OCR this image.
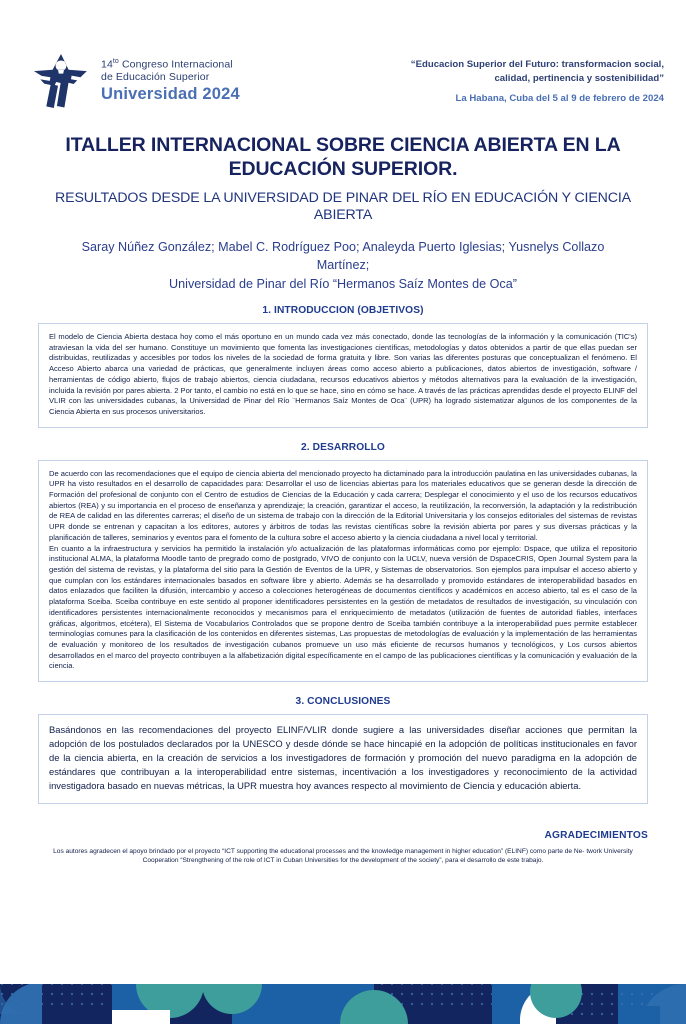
$14^{to}$ Congreso Internacional
de Educación Superior
Universidad 2024
“Educacion Superior del Futuro: transformacion social, calidad, pertinencia y sostenibilidad”
La Habana, Cuba del 5 al 9 de febrero de 2024
ITALLER INTERNACIONAL SOBRE CIENCIA ABIERTA EN LA EDUCACIÓN SUPERIOR.
RESULTADOS DESDE LA UNIVERSIDAD DE PINAR DEL RÍO EN EDUCACIÓN Y CIENCIA ABIERTA
Saray Núñez González; Mabel C. Rodríguez Poo; Analeyda Puerto Iglesias; Yusnelys Collazo Martínez;
Universidad de Pinar del Río “Hermanos Saíz Montes de Oca”
1. INTRODUCCION (OBJETIVOS)

El modelo de Ciencia Abierta destaca hoy como el más oportuno en un mundo cada vez más conectado, donde las tecnologías de la información y la comunicación (TIC's) atraviesan la vida del ser humano. Constituye un movimiento que fomenta las investigaciones científicas, metodologías y datos obtenidos a partir de que ellas puedan ser distribuidas, reutilizadas y accesibles por todos los niveles de la sociedad de forma gratuita y libre. Son varias las diferentes posturas que conceptualizan el fenómeno. El Acceso Abierto abarca una variedad de prácticas, que generalmente incluyen áreas como acceso abierto a publicaciones, datos abiertos de investigación, software / herramientas de código abierto, flujos de trabajo abiertos, ciencia ciudadana, recursos educativos abiertos y métodos alternativos para la evaluación de la investigación, incluida la revisión por pares abierta. 2 Por tanto, el cambio no está en lo que se hace, sino en cómo se hace. A través de las prácticas aprendidas desde el proyecto ELINF del VLIR con las universidades cubanas, la Universidad de Pinar del Río ¨Hermanos Saíz Montes de Oca¨ (UPR) ha logrado sistematizar algunos de los componentes de la Ciencia Abierta en sus procesos universitarios.

2. DESARROLLO

De acuerdo con las recomendaciones que el equipo de ciencia abierta del mencionado proyecto ha dictaminado para la introducción paulatina en las universidades cubanas, la UPR ha visto resultados en el desarrollo de capacidades para: Desarrollar el uso de licencias abiertas para los materiales educativos que se generan desde la dirección de Formación del profesional de conjunto con el Centro de estudios de Ciencias de la Educación y cada carrera; Desplegar el conocimiento y el uso de los recursos educativos abiertos (REA) y su importancia en el proceso de enseñanza y aprendizaje; la creación, garantizar el acceso, la reutilización, la reconversión, la adaptación y la redistribución de REA de calidad en las diferentes carreras; el diseño de un sistema de trabajo con la dirección de la Editorial Universitaria y los consejos editoriales del sistemas de revistas UPR donde se entrenan y capacitan a los editores, autores y árbitros de todas las revistas científicas sobre la revisión abierta por pares y sus diversas prácticas y la planificación de talleres, seminarios y eventos para el fomento de la cultura sobre el acceso abierto y la ciencia ciudadana a nivel local y territorial.

En cuanto a la infraestructura y servicios ha permitido la instalación y/o actualización de las plataformas informáticas como por ejemplo: Dspace, que utiliza el repositorio institucional ALMA, la plataforma Moodle tanto de pregrado como de postgrado, VIVO de conjunto con la UCLV, nueva versión de DspaceCRIS, Open Journal System para la gestión del sistema de revistas, y la plataforma del sitio para la Gestión de Eventos de la UPR, y Sistemas de observatorios. Son ejemplos para impulsar el acceso abierto y que cumplan con los estándares internacionales basados en software libre y abierto. Además se ha desarrollado y promovido estándares de interoperabilidad basados en datos enlazados que faciliten la difusión, intercambio y acceso a colecciones heterogéneas de documentos científicos y académicos en acceso abierto, tal es el caso de la plataforma Sceiba. Sceiba contribuye en este sentido al proponer identificadores persistentes en la gestión de metadatos de resultados de investigación, su vinculación con identificadores persistentes internacionalmente reconocidos y mecanismos para el enriquecimiento de metadatos (utilización de fuentes de autoridad fiables, interfaces gráficas, algoritmos, etcétera), El Sistema de Vocabularios Controlados que se propone dentro de Sceiba también contribuye a la interoperabilidad pues permite establecer terminologías comunes para la clasificación de los contenidos en diferentes sistemas, Las propuestas de metodologías de evaluación y la implementación de las herramientas de evaluación y monitoreo de los resultados de investigación cubanos promueve un uso más eficiente de recursos humanos y tecnológicos, y Los cursos abiertos desarrollados en el marco del proyecto contribuyen a la alfabetización digital específicamente en el campo de las publicaciones científicas y la comunicación y evaluación de la ciencia.

3. CONCLUSIONES

Basándonos en las recomendaciones del proyecto ELINF/VLIR donde sugiere a las universidades diseñar acciones que permitan la adopción de los postulados declarados por la UNESCO y desde dónde se hace hincapié en la adopción de políticas institucionales en favor de la ciencia abierta, en la creación de servicios a los investigadores de formación y promoción del nuevo paradigma en la adopción de estándares que contribuyan a la interoperabilidad entre sistemas, incentivación a los investigadores y reconocimiento de la actividad investigadora basado en nuevas métricas, la UPR muestra hoy avances respecto al movimiento de Ciencia y educación abierta.

AGRADECIMIENTOS
Los autores agradecen el apoyo brindado por el proyecto “ICT supporting the educational processes and the knowledge management in higher education” (ELINF) como parte de Ne- twork University Cooperation “Strengthening of the role of ICT in Cuban Universities for the development of the society”, para el desarrollo de este trabajo.
